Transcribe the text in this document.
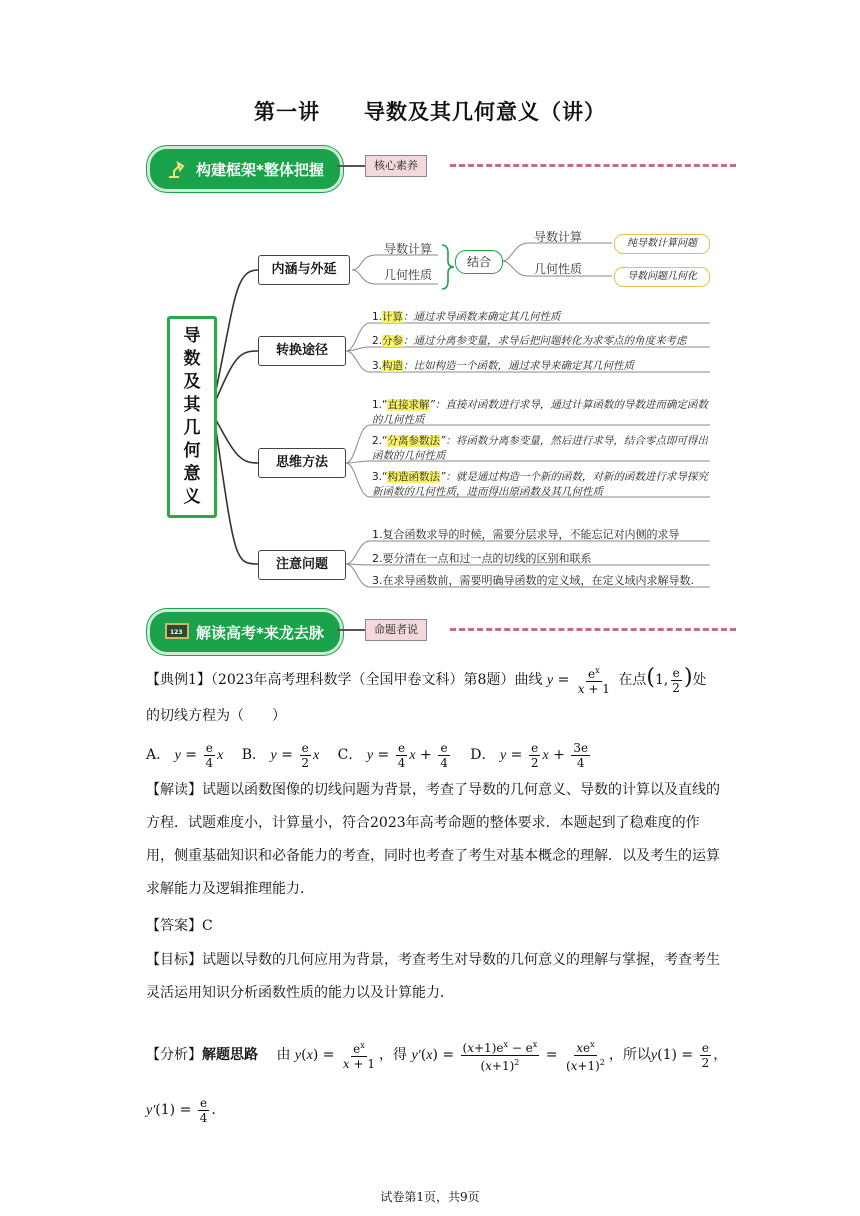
第一讲　　导数及其几何意义（讲）
构建框架*整体把握	核心素养
导
数
及
其
几
何
意
义
内涵与外延
转换途径
思维方法
注意问题
导数计算
几何性质
结合
导数计算
几何性质
纯导数计算问题
导数问题几何化
1.计算：通过求导函数来确定其几何性质
2.分参：通过分离参变量，求导后把问题转化为求零点的角度来考虑
3.构造：比如构造一个函数，通过求导来确定其几何性质
1.“直接求解”：直接对函数进行求导，通过计算函数的导数进而确定函数的几何性质
2.“分离参数法”：将函数分离参变量，然后进行求导，结合零点即可得出函数的几何性质
3.“构造函数法”：就是通过构造一个新的函数，对新的函数进行求导探究新函数的几何性质，进而得出原函数及其几何性质
1.复合函数求导的时候，需要分层求导，不能忘记对内侧的求导
2.要分清在一点和过一点的切线的区别和联系
3.在求导函数前，需要明确导函数的定义域，在定义域内求解导数.
123 解读高考*来龙去脉	命题者说
【典例1】（2023年高考理科数学（全国甲卷文科）第8题）曲线 $y = \frac{e^x}{x + 1}$ 在点(1, $\frac{e}{2}$ )处
的切线方程为（　　）
A． $y = \frac{e}{4}$ x　 B． $y = \frac{e}{2}$ x　 C． $y = \frac{e}{4}$ $x + \frac{e}{4}$
　 D． $y = \frac{e}{2}$ $x + \frac{3e}{4}$
【解读】试题以函数图像的切线问题为背景，考查了导数的几何意义、导数的计算以及直线的方程．试题难度小，计算量小，符合2023年高考命题的整体要求．本题起到了稳难度的作用，侧重基础知识和必备能力的考查，同时也考查了考生对基本概念的理解．以及考生的运算求解能力及逻辑推理能力．
【答案】C
【目标】试题以导数的几何应用为背景，考查考生对导数的几何意义的理解与掌握，考查考生灵活运用知识分析函数性质的能力以及计算能力．
【分析】解题思路 　 由 $y(x) = \frac{e^x}{x + 1}$ ，得 $y'(x) = \frac{(x+1)e^x - e^x}{(x+1)^2} = \frac{xe^x}{(x+1)^2}$ ，所以$y(1) = \frac{e}{2}$ ，
$y'(1) = \frac{e}{4}$ ．
试卷第1页，共9页
